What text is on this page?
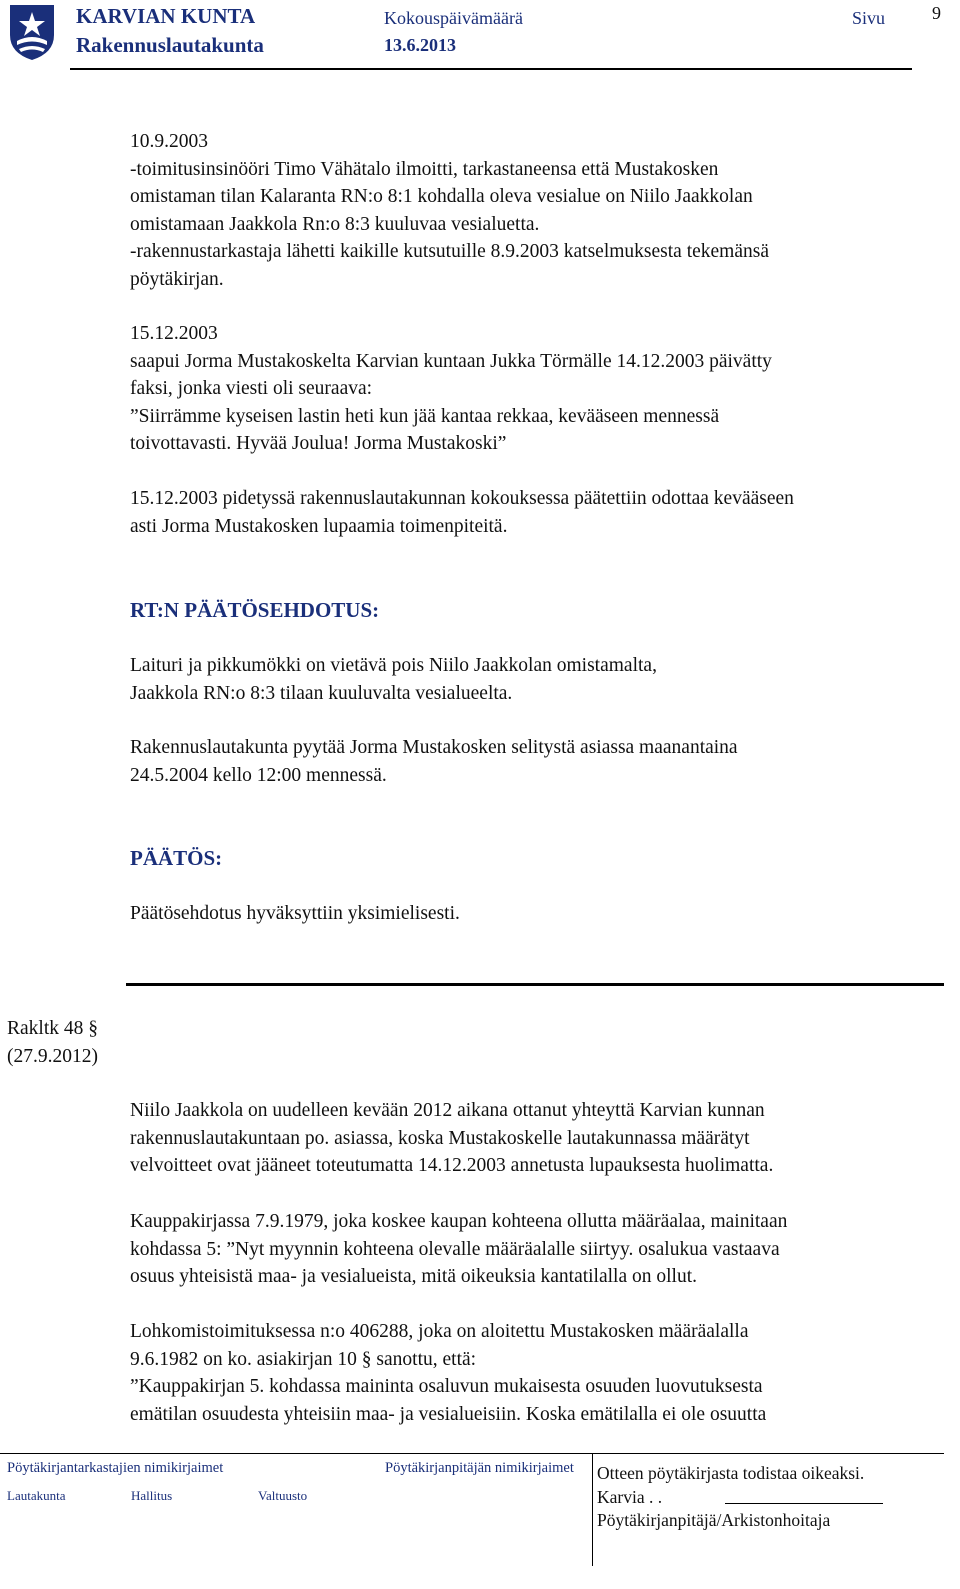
KARVIAN KUNTA
Rakennuslautakunta
Kokouspäivämäärä
13.6.2013
Sivu	9
10.9.2003
-toimitusinsinööri Timo Vähätalo ilmoitti, tarkastaneensa että Mustakosken
omistaman tilan Kalaranta RN:o 8:1 kohdalla oleva vesialue on Niilo Jaakkolan
omistamaan Jaakkola Rn:o 8:3 kuuluvaa vesialuetta.
-rakennustarkastaja lähetti kaikille kutsutuille 8.9.2003 katselmuksesta tekemänsä
pöytäkirjan.
15.12.2003
saapui Jorma Mustakoskelta Karvian kuntaan Jukka Törmälle 14.12.2003 päivätty
faksi, jonka viesti oli seuraava:
”Siirrämme kyseisen lastin heti kun jää kantaa rekkaa, kevääseen mennessä
toivottavasti. Hyvää Joulua! Jorma Mustakoski”
15.12.2003 pidetyssä rakennuslautakunnan kokouksessa päätettiin odottaa kevääseen
asti Jorma Mustakosken lupaamia toimenpiteitä.
RT:N PÄÄTÖSEHDOTUS:
Laituri ja pikkumökki on vietävä pois Niilo Jaakkolan omistamalta,
Jaakkola RN:o 8:3 tilaan kuuluvalta vesialueelta.
Rakennuslautakunta pyytää Jorma Mustakosken selitystä asiassa maanantaina
24.5.2004 kello 12:00 mennessä.
PÄÄTÖS:
Päätösehdotus hyväksyttiin yksimielisesti.
Rakltk 48 §
(27.9.2012)
Niilo Jaakkola on uudelleen kevään 2012 aikana ottanut yhteyttä Karvian kunnan
rakennuslautakuntaan po. asiassa, koska Mustakoskelle lautakunnassa määrätyt
velvoitteet ovat jääneet toteutumatta 14.12.2003 annetusta lupauksesta huolimatta.
Kauppakirjassa 7.9.1979, joka koskee kaupan kohteena ollutta määräalaa, mainitaan
kohdassa 5: ”Nyt myynnin kohteena olevalle määräalalle siirtyy. osalukua vastaava
osuus yhteisistä maa- ja vesialueista, mitä oikeuksia kantatilalla on ollut.
Lohkomistoimituksessa n:o 406288, joka on aloitettu Mustakosken määräalalla
9.6.1982 on ko. asiakirjan 10 § sanottu, että:
”Kauppakirjan 5. kohdassa maininta osaluvun mukaisesta osuuden luovutuksesta
emätilan osuudesta yhteisiin maa- ja vesialueisiin. Koska emätilalla ei ole osuutta
Pöytäkirjantarkastajien nimikirjaimet
Lautakunta	Hallitus	Valtuusto
Pöytäkirjanpitäjän nimikirjaimet Otteen pöytäkirjasta todistaa oikeaksi.
Karvia . .
Pöytäkirjanpitäjä/Arkistonhoitaja
